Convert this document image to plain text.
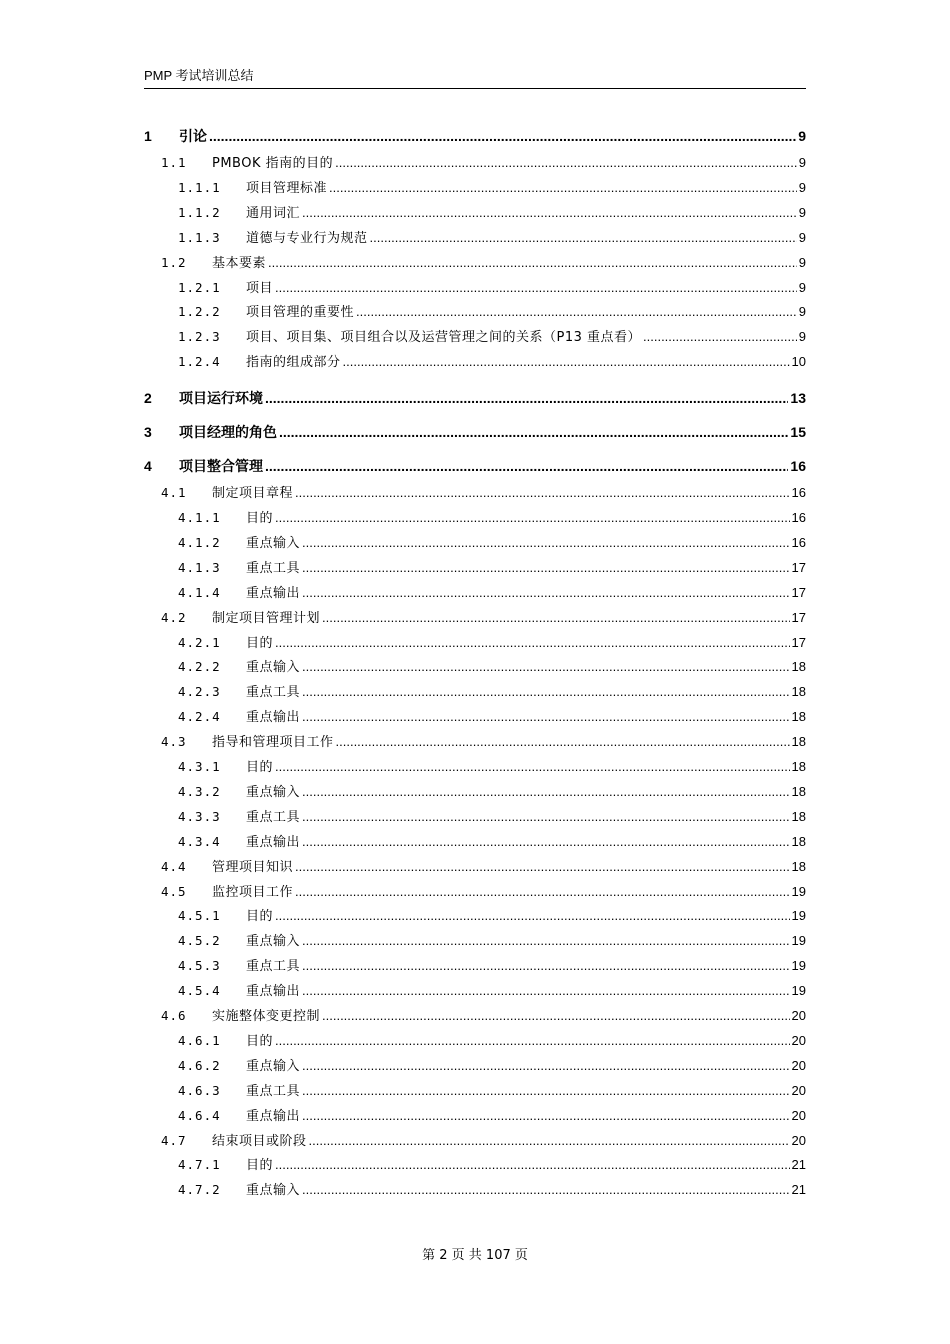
PMP 考试培训总结
1	引论 .....	9
1.1	PMBOK 指南的目的 .....	9
1.1.1	项目管理标准 .....	9
1.1.2	通用词汇 .....	9
1.1.3	道德与专业行为规范 .....	9
1.2	基本要素 .....	9
1.2.1	项目 .....	9
1.2.2	项目管理的重要性 .....	9
1.2.3	项目、项目集、项目组合以及运营管理之间的关系（P13 重点看） .....	9
1.2.4	指南的组成部分 .....	10
2	项目运行环境 .....	13
3	项目经理的角色 .....	15
4	项目整合管理 .....	16
4.1	制定项目章程 .....	16
4.1.1	目的 .....	16
4.1.2	重点输入 .....	16
4.1.3	重点工具 .....	17
4.1.4	重点输出 .....	17
4.2	制定项目管理计划 .....	17
4.2.1	目的 .....	17
4.2.2	重点输入 .....	18
4.2.3	重点工具 .....	18
4.2.4	重点输出 .....	18
4.3	指导和管理项目工作 .....	18
4.3.1	目的 .....	18
4.3.2	重点输入 .....	18
4.3.3	重点工具 .....	18
4.3.4	重点输出 .....	18
4.4	管理项目知识 .....	18
4.5	监控项目工作 .....	19
4.5.1	目的 .....	19
4.5.2	重点输入 .....	19
4.5.3	重点工具 .....	19
4.5.4	重点输出 .....	19
4.6	实施整体变更控制 .....	20
4.6.1	目的 .....	20
4.6.2	重点输入 .....	20
4.6.3	重点工具 .....	20
4.6.4	重点输出 .....	20
4.7	结束项目或阶段 .....	20
4.7.1	目的 .....	21
4.7.2	重点输入 .....	21
第 2 页 共 107 页
